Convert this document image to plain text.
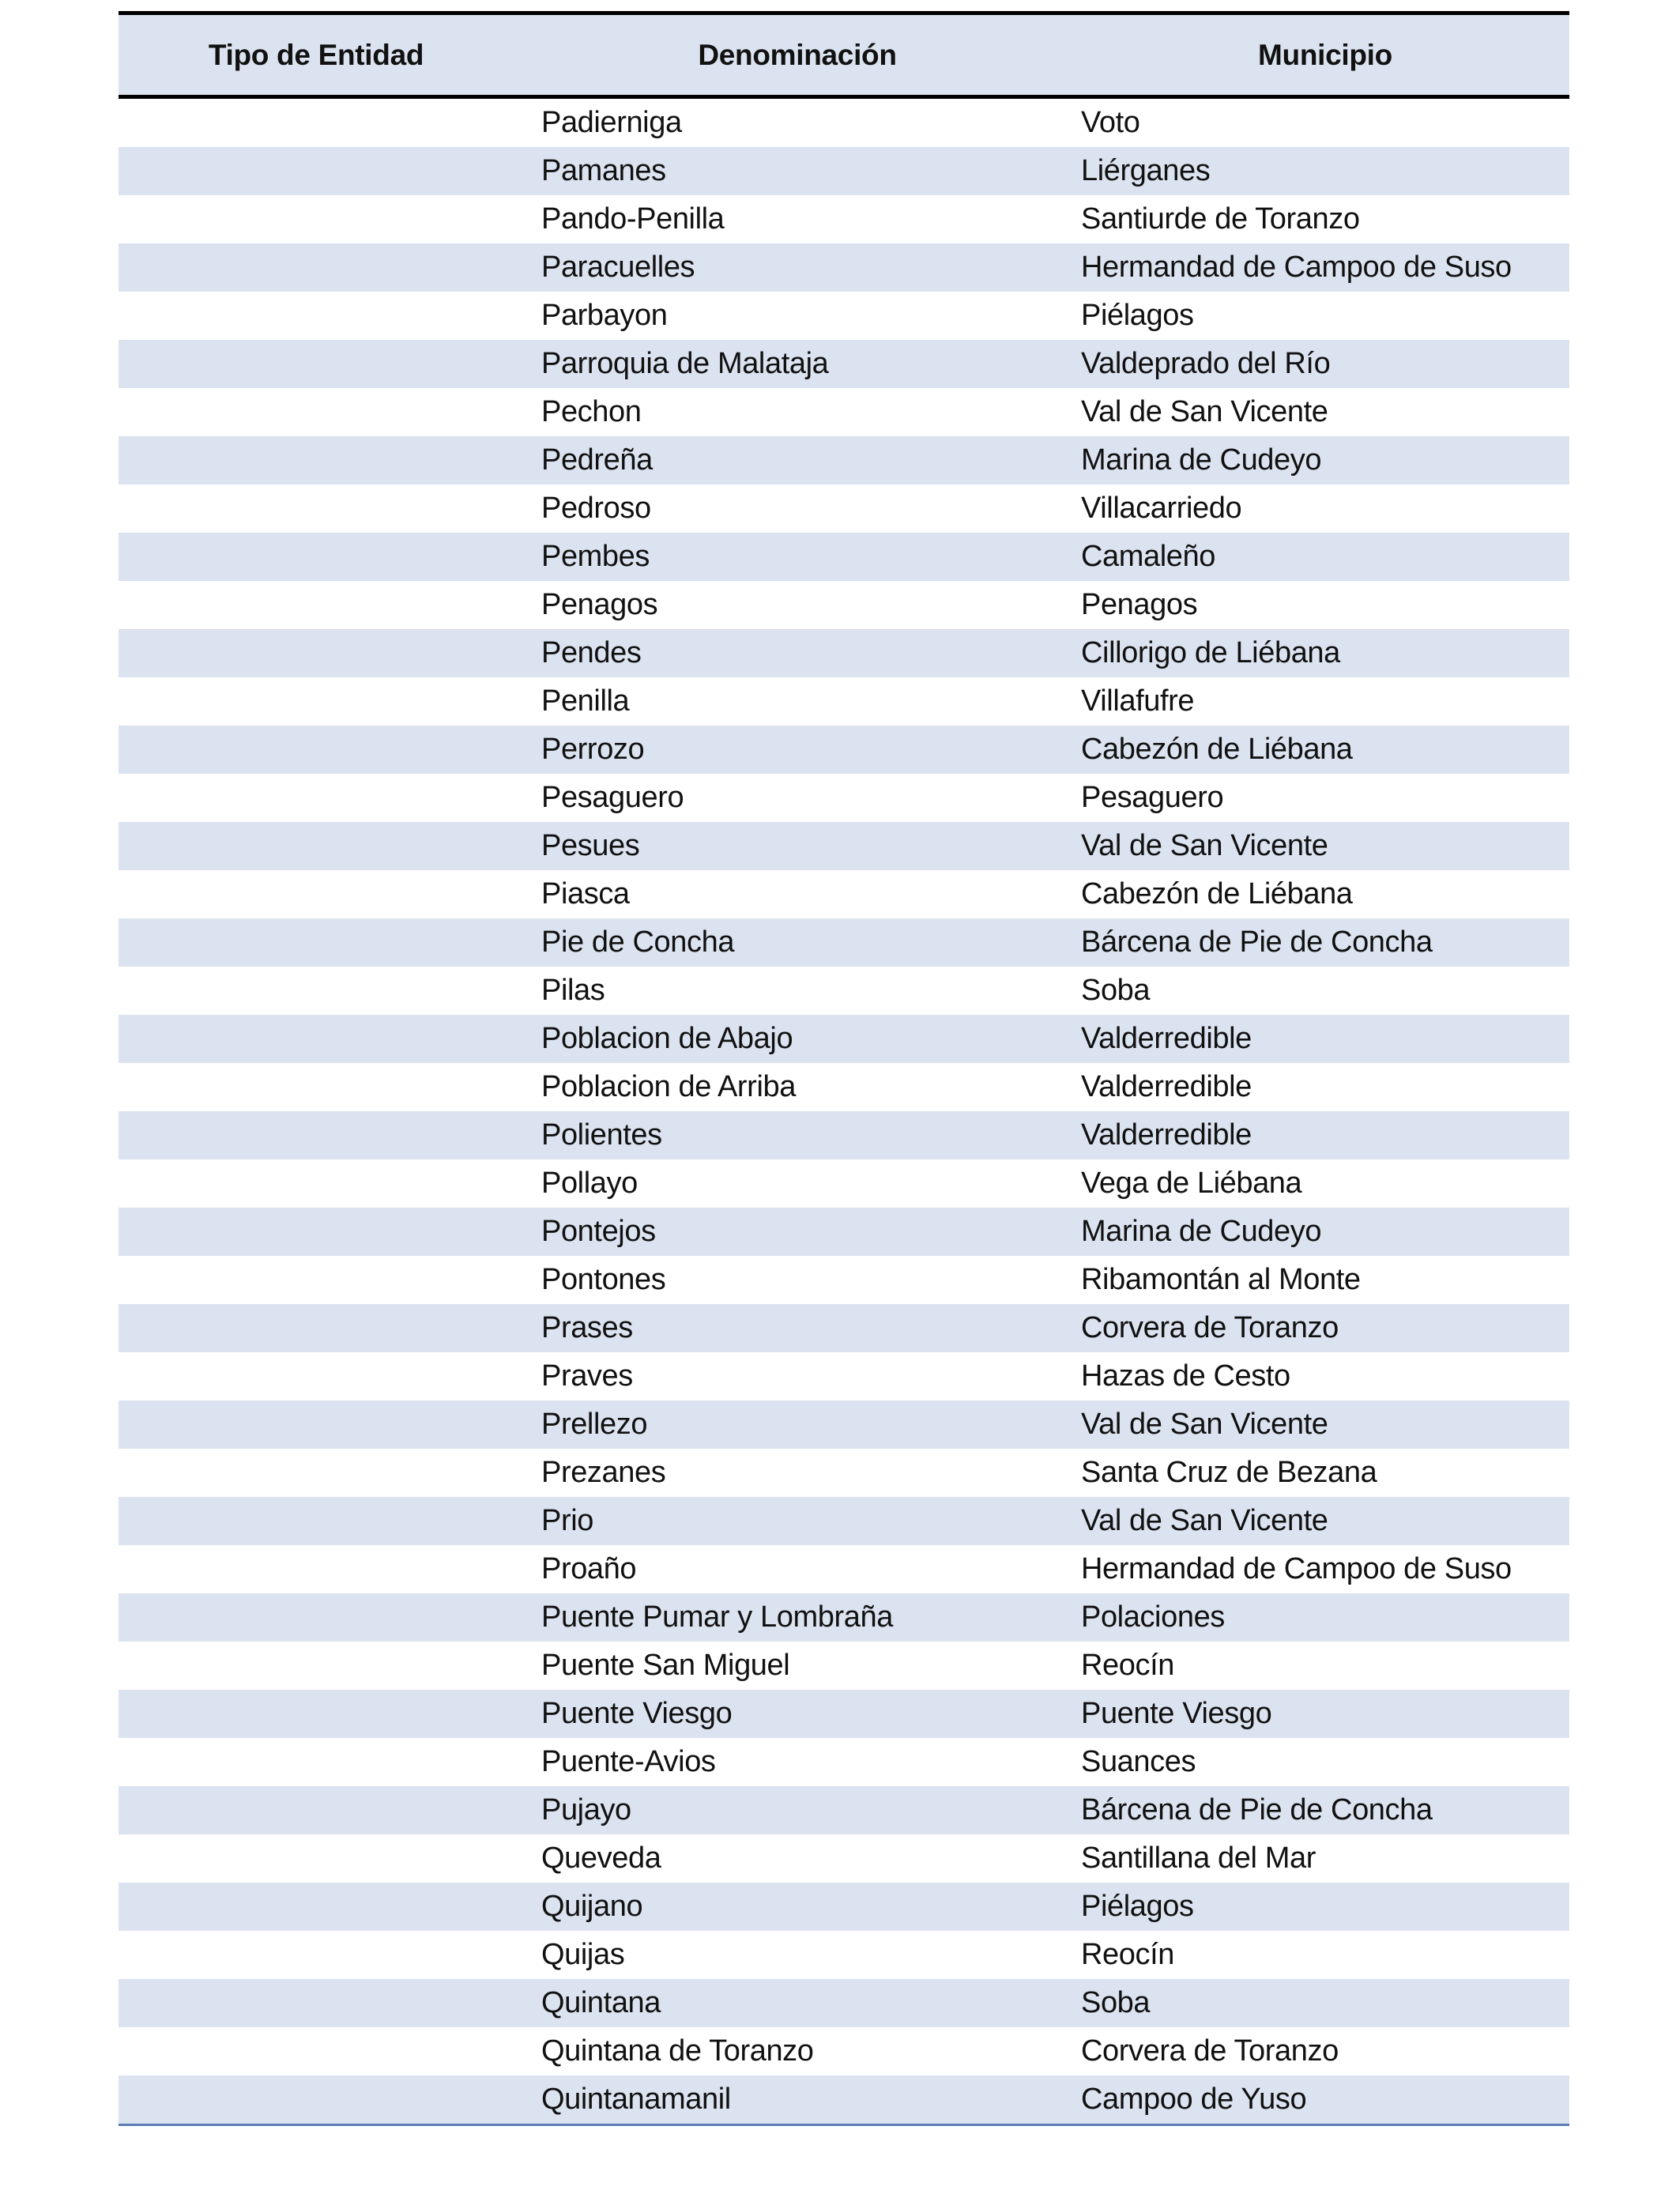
Tipo de Entidad	Denominación	Municipio
	Padierniga	Voto
	Pamanes	Liérganes
	Pando-Penilla	Santiurde de Toranzo
	Paracuelles	Hermandad de Campoo de Suso
	Parbayon	Piélagos
	Parroquia de Malataja	Valdeprado del Río
	Pechon	Val de San Vicente
	Pedreña	Marina de Cudeyo
	Pedroso	Villacarriedo
	Pembes	Camaleño
	Penagos	Penagos
	Pendes	Cillorigo de Liébana
	Penilla	Villafufre
	Perrozo	Cabezón de Liébana
	Pesaguero	Pesaguero
	Pesues	Val de San Vicente
	Piasca	Cabezón de Liébana
	Pie de Concha	Bárcena de Pie de Concha
	Pilas	Soba
	Poblacion de Abajo	Valderredible
	Poblacion de Arriba	Valderredible
	Polientes	Valderredible
	Pollayo	Vega de Liébana
	Pontejos	Marina de Cudeyo
	Pontones	Ribamontán al Monte
	Prases	Corvera de Toranzo
	Praves	Hazas de Cesto
	Prellezo	Val de San Vicente
	Prezanes	Santa Cruz de Bezana
	Prio	Val de San Vicente
	Proaño	Hermandad de Campoo de Suso
	Puente Pumar y Lombraña	Polaciones
	Puente San Miguel	Reocín
	Puente Viesgo	Puente Viesgo
	Puente-Avios	Suances
	Pujayo	Bárcena de Pie de Concha
	Queveda	Santillana del Mar
	Quijano	Piélagos
	Quijas	Reocín
	Quintana	Soba
	Quintana de Toranzo	Corvera de Toranzo
	Quintanamanil	Campoo de Yuso
